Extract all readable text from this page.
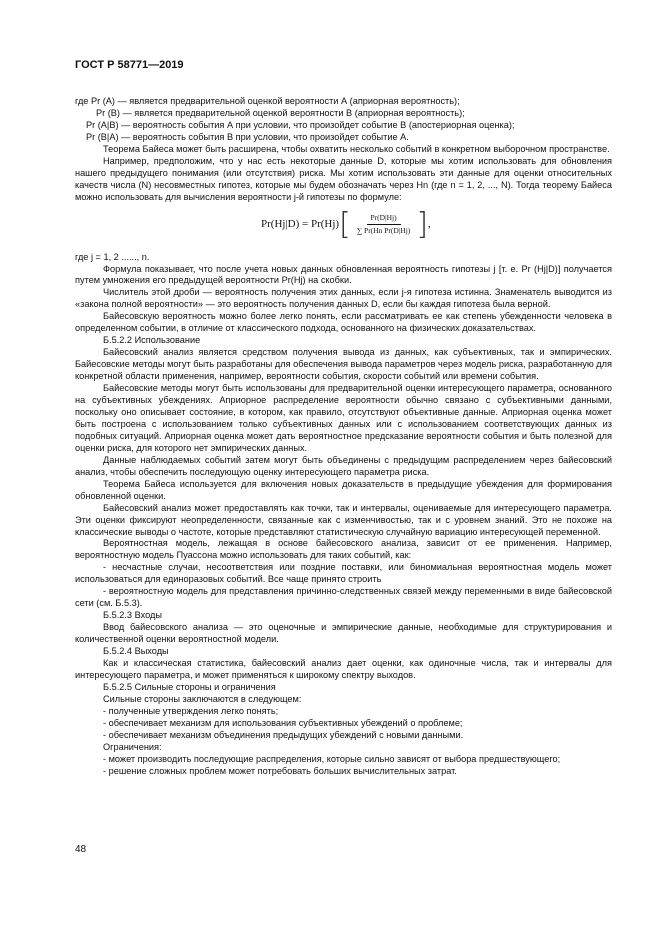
ГОСТ Р 58771—2019

где Pr (A) — является предварительной оценкой вероятности А (априорная вероятность);

Pr (B) — является предварительной оценкой вероятности В (априорная вероятность);

Pr (A|B) — вероятность события А при условии, что произойдет событие В (апостериорная оценка);

Pr (B|A) — вероятность события В при условии, что произойдет событие А.

Теорема Байеса может быть расширена, чтобы охватить несколько событий в конкретном выборочном пространстве.

Например, предположим, что у нас есть некоторые данные D, которые мы хотим использовать для обновления нашего предыдущего понимания (или отсутствия) риска. Мы хотим использовать эти данные для оценки относительных качеств числа (N) несовместных гипотез, которые мы будем обозначать через Hn (где n = 1, 2, ..., N). Тогда теорему Байеса можно использовать для вычисления вероятности j-й гипотезы по формуле:

Pr(Hj|D) = Pr(Hj) [ $\frac{Pr(D|Hj)}{\text{∑ Pr(Hn Pr(D|Hj)}}$ ] ,

где j = 1, 2 ......, n.

Формула показывает, что после учета новых данных обновленная вероятность гипотезы j [т. е. Pr (Hj|D)] получается путем умножения его предыдущей вероятности Pr(Hj) на скобки.

Числитель этой дроби — вероятность получения этих данных, если j-я гипотеза истинна. Знаменатель выводится из «закона полной вероятности» — это вероятность получения данных D, если бы каждая гипотеза была верной.

Байесовскую вероятность можно более легко понять, если рассматривать ее как степень убежденности человека в определенном событии, в отличие от классического подхода, основанного на физических доказательствах.

Б.5.2.2 Использование

Байесовский анализ является средством получения вывода из данных, как субъективных, так и эмпирических. Байесовские методы могут быть разработаны для обеспечения вывода параметров через модель риска, разработанную для конкретной области применения, например, вероятности события, скорости событий или времени события.

Байесовские методы могут быть использованы для предварительной оценки интересующего параметра, основанного на субъективных убеждениях. Априорное распределение вероятности обычно связано с субъективными данными, поскольку оно описывает состояние, в котором, как правило, отсутствуют объективные данные. Априорная оценка может быть построена с использованием только субъективных данных или с использованием соответствующих данных из подобных ситуаций. Априорная оценка может дать вероятностное предсказание вероятности события и быть полезной для оценки риска, для которого нет эмпирических данных.

Данные наблюдаемых событий затем могут быть объединены с предыдущим распределением через байесовский анализ, чтобы обеспечить последующую оценку интересующего параметра риска.

Теорема Байеса используется для включения новых доказательств в предыдущие убеждения для формирования обновленной оценки.

Байесовский анализ может предоставлять как точки, так и интервалы, оцениваемые для интересующего параметра. Эти оценки фиксируют неопределенности, связанные как с изменчивостью, так и с уровнем знаний. Это не похоже на классические выводы о частоте, которые представляют статистическую случайную вариацию интересующей переменной.

Вероятностная модель, лежащая в основе байесовского анализа, зависит от ее применения. Например, вероятностную модель Пуассона можно использовать для таких событий, как:

- несчастные случаи, несоответствия или поздние поставки, или биномиальная вероятностная модель может использоваться для единоразовых событий. Все чаще принято строить

- вероятностную модель для представления причинно-следственных связей между переменными в виде байесовской сети (см. Б.5.3).

Б.5.2.3 Входы

Ввод байесовского анализа — это оценочные и эмпирические данные, необходимые для структурирования и количественной оценки вероятностной модели.

Б.5.2.4 Выходы

Как и классическая статистика, байесовский анализ дает оценки, как одиночные числа, так и интервалы для интересующего параметра, и может применяться к широкому спектру выходов.

Б.5.2.5 Сильные стороны и ограничения

Сильные стороны заключаются в следующем:

- полученные утверждения легко понять;

- обеспечивает механизм для использования субъективных убеждений о проблеме;

- обеспечивает механизм объединения предыдущих убеждений с новыми данными.

Ограничения:

- может производить последующие распределения, которые сильно зависят от выбора предшествующего;

- решение сложных проблем может потребовать больших вычислительных затрат.

48
